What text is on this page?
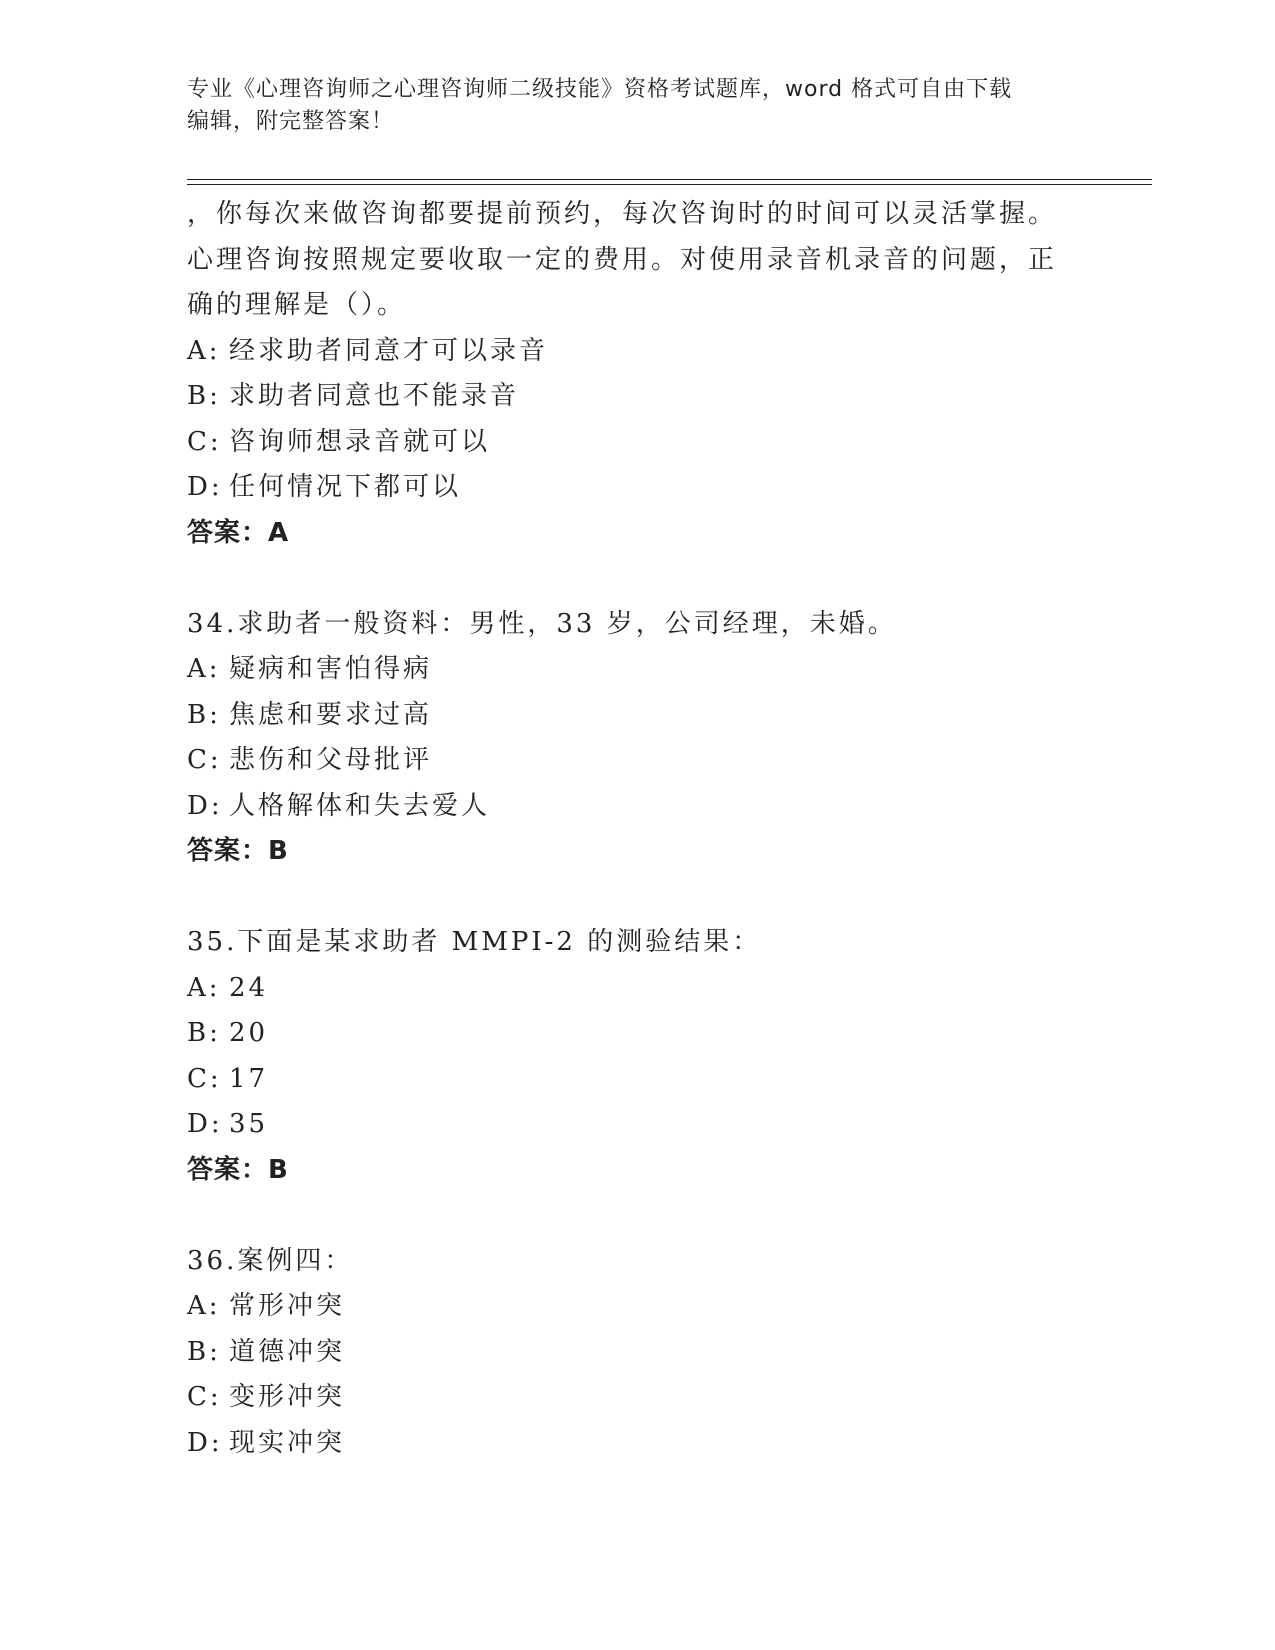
专业《心理咨询师之心理咨询师二级技能》资格考试题库，word 格式可自由下载
编辑，附完整答案！
，你每次来做咨询都要提前预约，每次咨询时的时间可以灵活掌握。
心理咨询按照规定要收取一定的费用。对使用录音机录音的问题，正
确的理解是（）。
A: 经求助者同意才可以录音
B: 求助者同意也不能录音
C: 咨询师想录音就可以
D: 任何情况下都可以
答案：A
34.求助者一般资料：男性，33 岁，公司经理，未婚。
A: 疑病和害怕得病
B: 焦虑和要求过高
C: 悲伤和父母批评
D: 人格解体和失去爱人
答案：B
35.下面是某求助者 MMPI-2 的测验结果：
A: 24
B: 20
C: 17
D: 35
答案：B
36.案例四：
A: 常形冲突
B: 道德冲突
C: 变形冲突
D: 现实冲突
